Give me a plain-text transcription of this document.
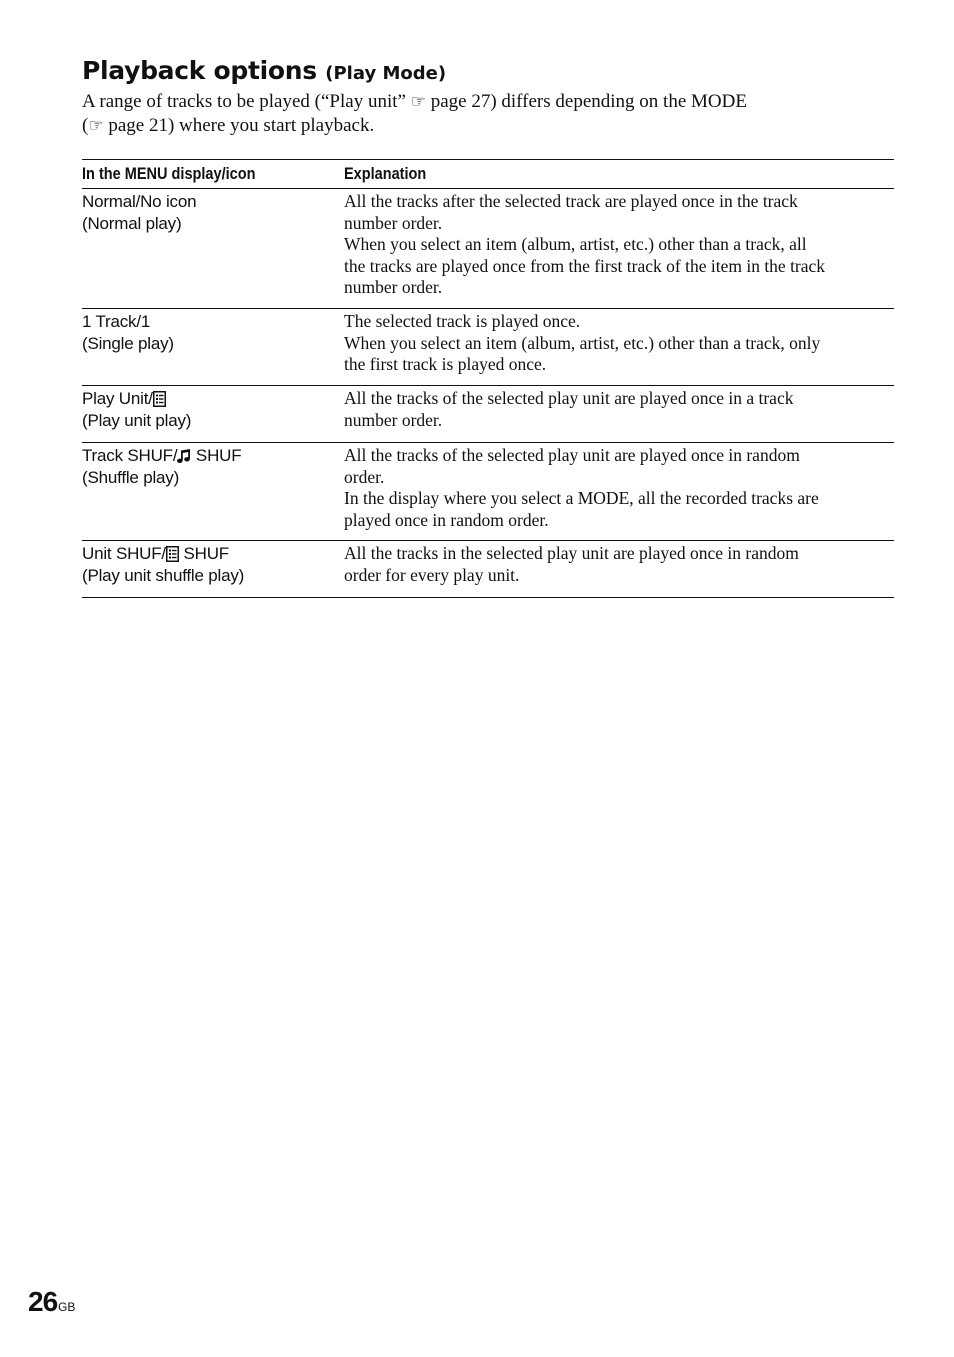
Playback options (Play Mode)

A range of tracks to be played (“Play unit” ☞ page 27) differs depending on the MODE
(☞ page 21) where you start playback.

In the MENU display/icon	Explanation

Normal/No icon
(Normal play)	All the tracks after the selected track are played once in the track
number order.
When you select an item (album, artist, etc.) other than a track, all
the tracks are played once from the first track of the item in the track
number order.

1 Track/1
(Single play)	The selected track is played once.
When you select an item (album, artist, etc.) other than a track, only
the first track is played once.

Play Unit/
(Play unit play)	All the tracks of the selected play unit are played once in a track
number order.

Track SHUF/ SHUF
(Shuffle play)	All the tracks of the selected play unit are played once in random
order.
In the display where you select a MODE, all the recorded tracks are
played once in random order.

Unit SHUF/ SHUF
(Play unit shuffle play)	All the tracks in the selected play unit are played once in random
order for every play unit.

26 GB
